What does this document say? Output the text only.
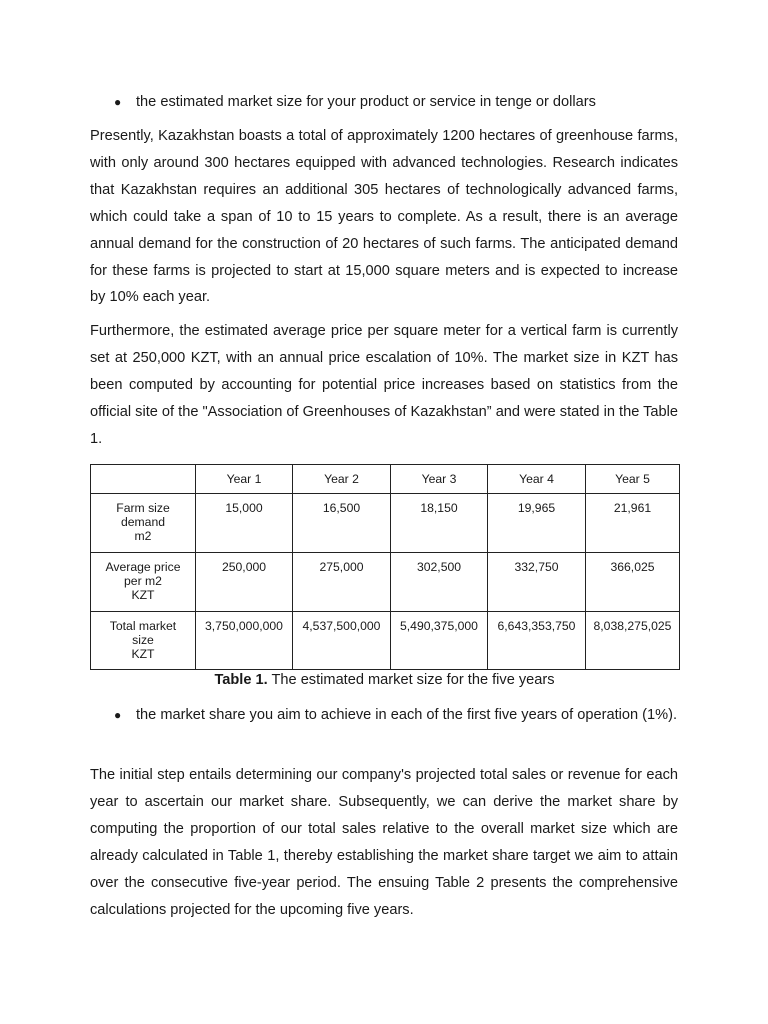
● the estimated market size for your product or service in tenge or dollars
Presently, Kazakhstan boasts a total of approximately 1200 hectares of greenhouse farms, with only around 300 hectares equipped with advanced technologies. Research indicates that Kazakhstan requires an additional 305 hectares of technologically advanced farms, which could take a span of 10 to 15 years to complete. As a result, there is an average annual demand for the construction of 20 hectares of such farms. The anticipated demand for these farms is projected to start at 15,000 square meters and is expected to increase by 10% each year.
Furthermore, the estimated average price per square meter for a vertical farm is currently set at 250,000 KZT, with an annual price escalation of 10%. The market size in KZT has been computed by accounting for potential price increases based on statistics from the official site of the "Association of Greenhouses of Kazakhstan” and were stated in the Table 1.
	Year 1	Year 2	Year 3	Year 4	Year 5

Farm size
demand
m2	15,000	16,500	18,150	19,965	21,961

Average price
per m2
KZT	250,000	275,000	302,500	332,750	366,025

Total market
size
KZT	3,750,000,000	4,537,500,000	5,490,375,000	6,643,353,750	8,038,275,025
Table 1. The estimated market size for the five years
● the market share you aim to achieve in each of the first five years of operation (1%).
The initial step entails determining our company's projected total sales or revenue for each year to ascertain our market share. Subsequently, we can derive the market share by computing the proportion of our total sales relative to the overall market size which are already calculated in Table 1, thereby establishing the market share target we aim to attain over the consecutive five-year period. The ensuing Table 2 presents the comprehensive calculations projected for the upcoming five years.
